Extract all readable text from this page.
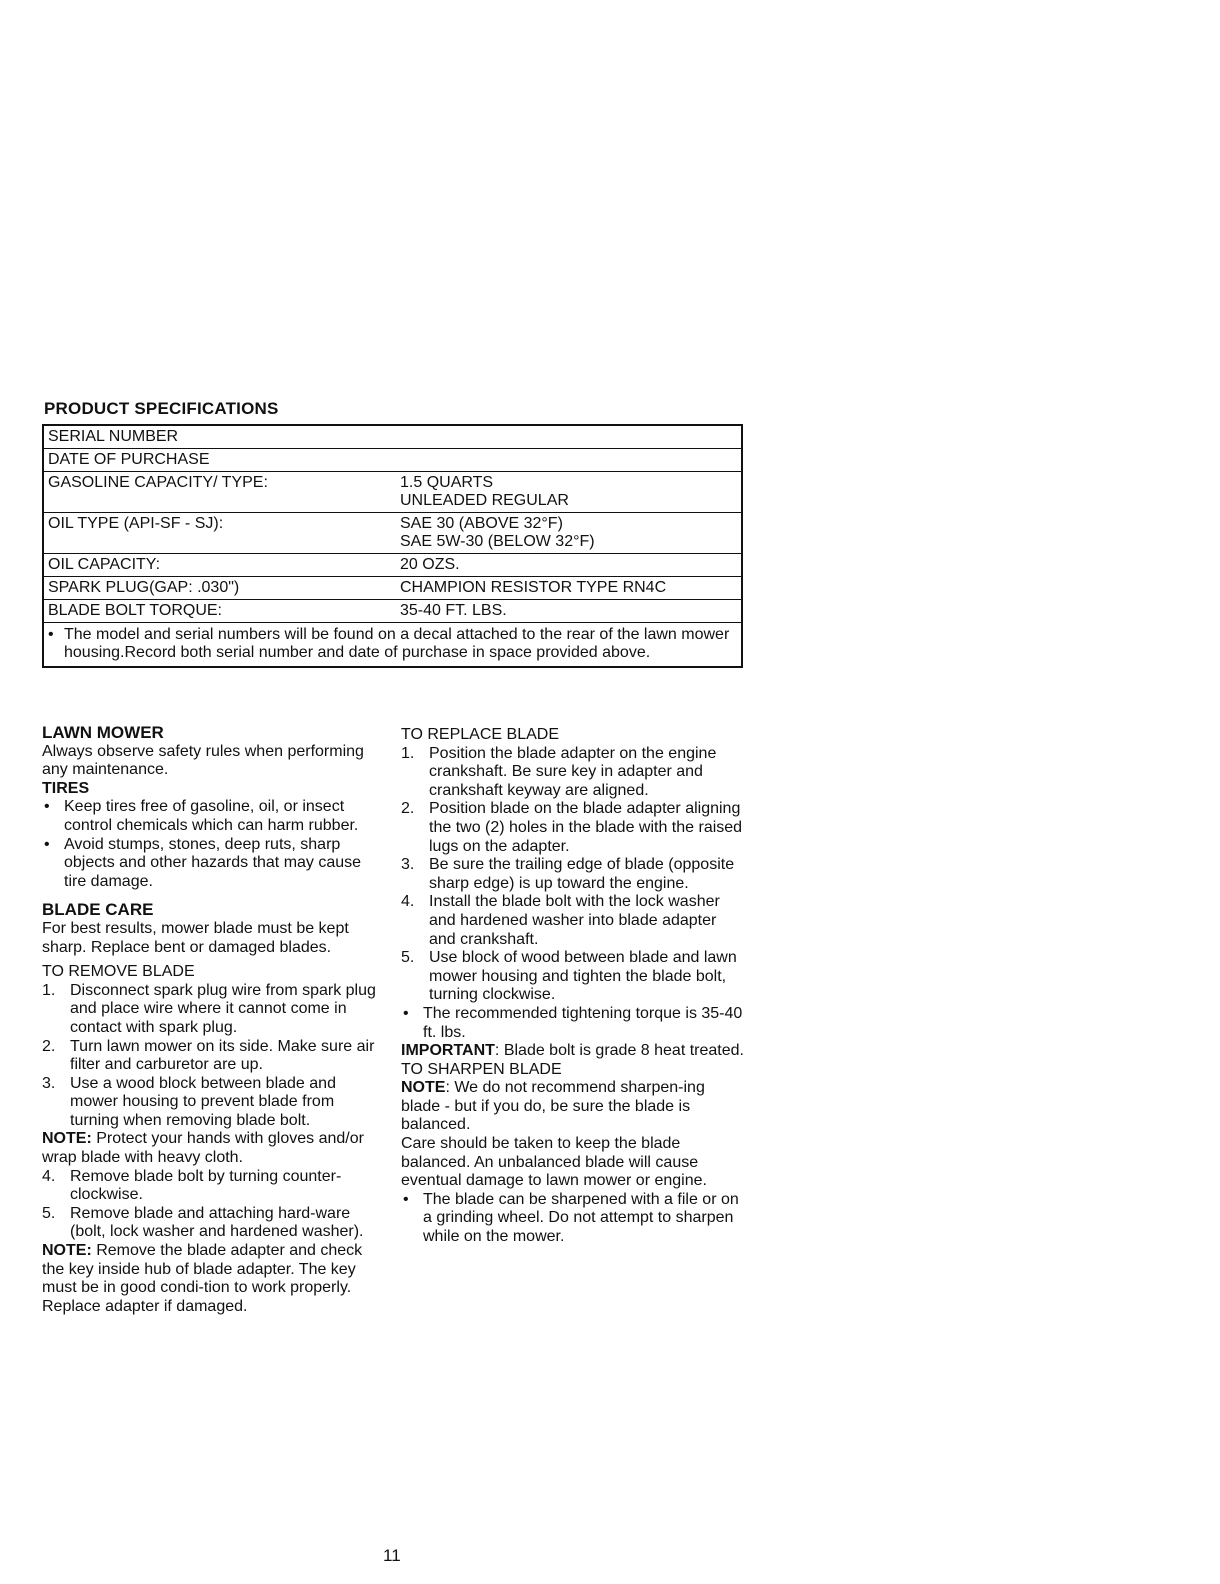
PRODUCT SPECIFICATIONS
SERIAL NUMBER
DATE OF PURCHASE
GASOLINE CAPACITY/ TYPE:	1.5 QUARTS
UNLEADED REGULAR
OIL TYPE (API-SF - SJ):	SAE 30 (ABOVE 32°F)
SAE 5W-30 (BELOW 32°F)
OIL CAPACITY:	20 OZS.
SPARK PLUG(GAP: .030")	CHAMPION RESISTOR TYPE RN4C
BLADE BOLT TORQUE:	35-40 FT. LBS.
• The model and serial numbers will be found on a decal attached to the rear of the lawn mower housing.Record both serial number and date of purchase in space provided above.
LAWN MOWER

Always observe safety rules when performing any maintenance.

TIRES
• Keep tires free of gasoline, oil, or insect control chemicals which can harm rubber.
• Avoid stumps, stones, deep ruts, sharp objects and other hazards that may cause tire damage.
BLADE CARE

For best results, mower blade must be kept sharp. Replace bent or damaged blades.

TO REMOVE BLADE
1. Disconnect spark plug wire from spark plug and place wire where it cannot come in contact with spark plug.
2. Turn lawn mower on its side. Make sure air filter and carburetor are up.
3. Use a wood block between blade and mower housing to prevent blade from turning when removing blade bolt.

NOTE: Protect your hands with gloves and/or wrap blade with heavy cloth.

4. Remove blade bolt by turning counter-clockwise.
5. Remove blade and attaching hard-ware (bolt, lock washer and hardened washer).

NOTE: Remove the blade adapter and check the key inside hub of blade adapter. The key must be in good condi-tion to work properly. Replace adapter if damaged.

TO REPLACE BLADE
1. Position the blade adapter on the engine crankshaft. Be sure key in adapter and crankshaft keyway are aligned.
2. Position blade on the blade adapter aligning the two (2) holes in the blade with the raised lugs on the adapter.
3. Be sure the trailing edge of blade (opposite sharp edge) is up toward the engine.
4. Install the blade bolt with the lock washer and hardened washer into blade adapter and crankshaft.
5. Use block of wood between blade and lawn mower housing and tighten the blade bolt, turning clockwise.
• The recommended tightening torque is 35-40 ft. lbs.

IMPORTANT: Blade bolt is grade 8 heat treated.

TO SHARPEN BLADE

NOTE: We do not recommend sharpen-ing blade - but if you do, be sure the blade is balanced.

Care should be taken to keep the blade balanced. An unbalanced blade will cause eventual damage to lawn mower or engine.

• The blade can be sharpened with a file or on a grinding wheel. Do not attempt to sharpen while on the mower.
11
